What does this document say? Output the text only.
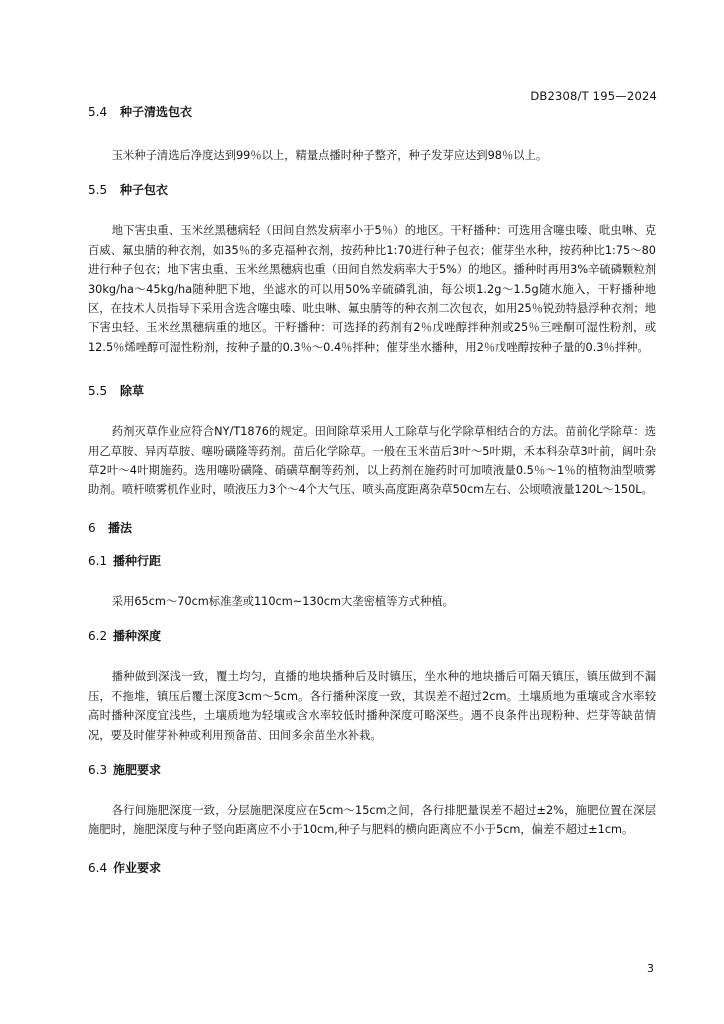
DB2308/T 195—2024
5.4 种子清选包衣

玉米种子清选后净度达到99％以上，精量点播时种子整齐，种子发芽应达到98％以上。

5.5 种子包衣

地下害虫重、玉米丝黑穗病轻（田间自然发病率小于5％）的地区。干籽播种：可选用含噻虫嗪、吡虫啉、克百威、氟虫腈的种衣剂，如35％的多克福种衣剂，按药种比1:70进行种子包衣；催芽坐水种，按药种比1:75～80进行种子包衣；地下害虫重、玉米丝黑穗病也重（田间自然发病率大于5%）的地区。播种时再用3%辛硫磷颗粒剂30kg/ha～45kg/ha随种肥下地，坐滤水的可以用50%辛硫磷乳油，每公顷1.2g～1.5g随水施入，干籽播种地区，在技术人员指导下采用含选含噻虫嗪、吡虫啉、氟虫腈等的种衣剂二次包衣，如用25％锐劲特悬浮种衣剂；地下害虫轻、玉米丝黑穗病重的地区。干籽播种：可选择的药剂有2％戊唑醇拌种剂或25％三唑酮可湿性粉剂，或12.5％烯唑醇可湿性粉剂，按种子量的0.3％～0.4％拌种；催芽坐水播种，用2％戊唑醇按种子量的0.3％拌种。

5.5 除草

药剂灭草作业应符合NY/T1876的规定。田间除草采用人工除草与化学除草相结合的方法。苗前化学除草：选用乙草胺、异丙草胺、噻吩磺隆等药剂。苗后化学除草。一般在玉米苗后3叶～5叶期，禾本科杂草3叶前，阔叶杂草2叶～4叶期施药。选用噻吩磺隆、硝磺草酮等药剂，以上药剂在施药时可加喷液量0.5％～1％的植物油型喷雾助剂。喷杆喷雾机作业时，喷液压力3个～4个大气压、喷头高度距离杂草50cm左右、公顷喷液量120L～150L。

6 播法
6.1 播种行距

采用65cm～70cm标准垄或110cm~130cm大垄密植等方式种植。

6.2 播种深度

播种做到深浅一致，覆土均匀，直播的地块播种后及时镇压，坐水种的地块播后可隔天镇压，镇压做到不漏压，不拖堆，镇压后覆土深度3cm～5cm。各行播种深度一致，其误差不超过2cm。土壤质地为重壤或含水率较高时播种深度宜浅些，土壤质地为轻壤或含水率较低时播种深度可略深些。遇不良条件出现粉种、烂芽等缺苗情况，要及时催芽补种或利用预备苗、田间多余苗坐水补栽。

6.3 施肥要求

各行间施肥深度一致，分层施肥深度应在5cm～15cm之间，各行排肥量误差不超过±2%，施肥位置在深层施肥时，施肥深度与种子竖向距离应不小于10cm,种子与肥料的横向距离应不小于5cm，偏差不超过±1cm。

6.4 作业要求
3
